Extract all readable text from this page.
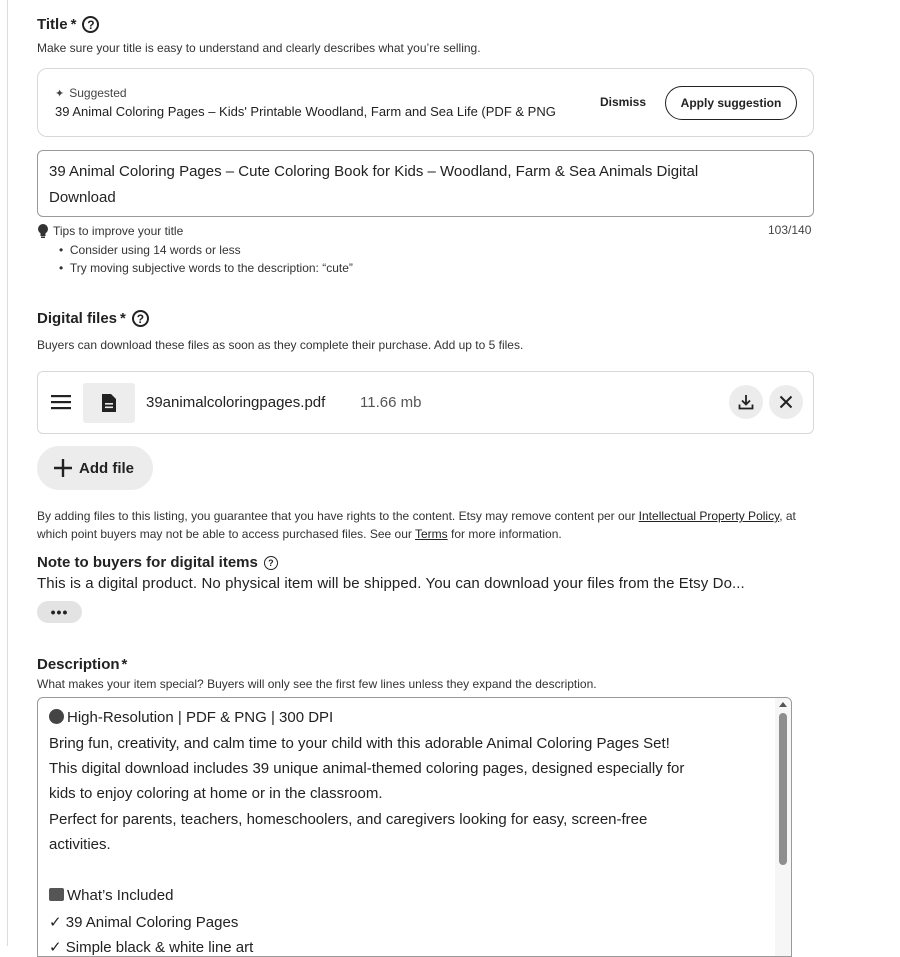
Title * ?
Make sure your title is easy to understand and clearly describes what you’re selling.
✦ Suggested
39 Animal Coloring Pages – Kids' Printable Woodland, Farm and Sea Life (PDF & PNG
Dismiss	Apply suggestion
39 Animal Coloring Pages – Cute Coloring Book for Kids – Woodland, Farm & Sea Animals Digital
Download
Tips to improve your title
•  Consider using 14 words or less
•  Try moving subjective words to the description: “cute”
103/140
Digital files * ?
Buyers can download these files as soon as they complete their purchase. Add up to 5 files.
39animalcoloringpages.pdf 11.66 mb
Add file
By adding files to this listing, you guarantee that you have rights to the content. Etsy may remove content per our Intellectual Property Policy, at which point buyers may not be able to access purchased files. See our Terms for more information.
Note to buyers for digital items	?
This is a digital product. No physical item will be shipped. You can download your files from the Etsy Do...
•••
Description *
What makes your item special? Buyers will only see the first few lines unless they expand the description.
High-Resolution | PDF & PNG | 300 DPI
Bring fun, creativity, and calm time to your child with this adorable Animal Coloring Pages Set!
This digital download includes 39 unique animal-themed coloring pages, designed especially for
kids to enjoy coloring at home or in the classroom.
Perfect for parents, teachers, homeschoolers, and caregivers looking for easy, screen-free
activities.
What’s Included
✓ 39 Animal Coloring Pages
✓ Simple black & white line art
